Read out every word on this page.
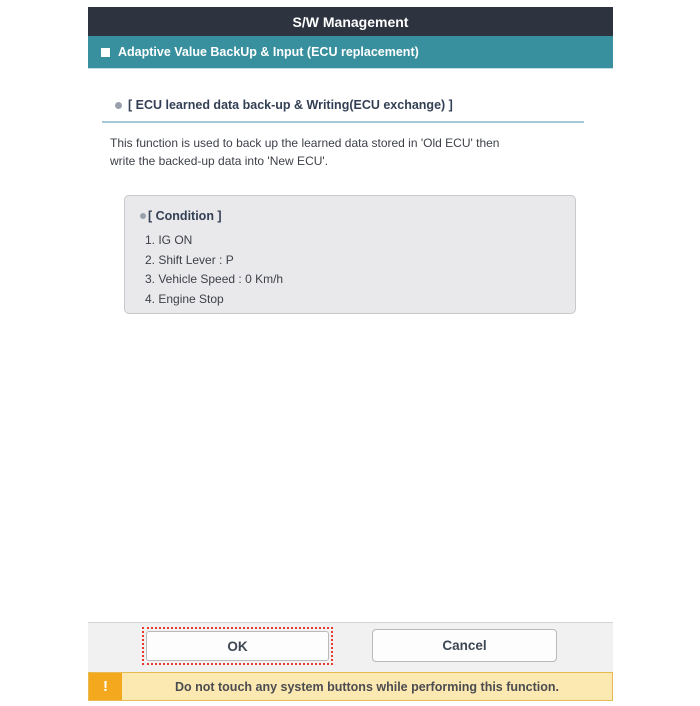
S/W Management
Adaptive Value BackUp & Input (ECU replacement)
[ ECU learned data back-up & Writing(ECU exchange) ]
This function is used to back up the learned data stored in 'Old ECU' then
write the backed-up data into 'New ECU'.
[ Condition ]
1. IG ON
2. Shift Lever : P
3. Vehicle Speed : 0 Km/h
4. Engine Stop
OK	Cancel
!	Do not touch any system buttons while performing this function.
